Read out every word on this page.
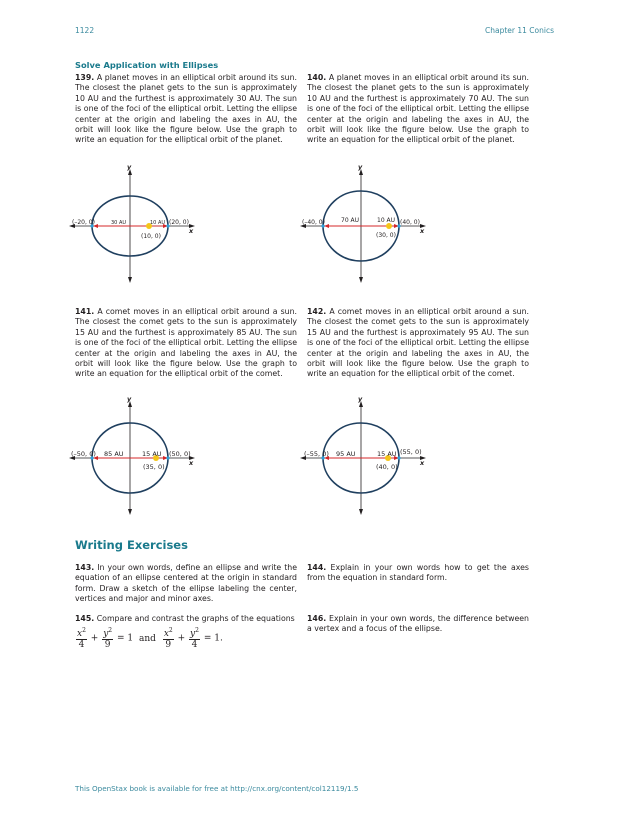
1122	Chapter 11 Conics
Solve Application with Ellipses

139. A planet moves in an elliptical orbit around its sun. The closest the planet gets to the sun is approximately 10 AU and the furthest is approximately 30 AU. The sun is one of the foci of the elliptical orbit. Letting the ellipse center at the origin and labeling the axes in AU, the orbit will look like the figure below. Use the graph to write an equation for the elliptical orbit of the planet.

140. A planet moves in an elliptical orbit around its sun. The closest the planet gets to the sun is approximately 10 AU and the furthest is approximately 70 AU. The sun is one of the foci of the elliptical orbit. Letting the ellipse center at the origin and labeling the axes in AU, the orbit will look like the figure below. Use the graph to write an equation for the elliptical orbit of the planet.

141. A comet moves in an elliptical orbit around a sun. The closest the comet gets to the sun is approximately 15 AU and the furthest is approximately 85 AU. The sun is one of the foci of the elliptical orbit. Letting the ellipse center at the origin and labeling the axes in AU, the orbit will look like the figure below. Use the graph to write an equation for the elliptical orbit of the comet.

142. A comet moves in an elliptical orbit around a sun. The closest the comet gets to the sun is approximately 15 AU and the furthest is approximately 95 AU. The sun is one of the foci of the elliptical orbit. Letting the ellipse center at the origin and labeling the axes in AU, the orbit will look like the figure below. Use the graph to write an equation for the elliptical orbit of the comet.

(–20, 0)	(20, 0)
30 AU	10 AU
(10, 0)
x
y
(–40, 0)	(40, 0)
70 AU	10 AU
(30, 0)
x
y
(–50, 0)	(50, 0)
85 AU	15 AU
(35, 0)	x
y
(–55, 0)	(55, 0)
95 AU	15 AU
(40, 0)	x
y
Writing Exercises

143. In your own words, define an ellipse and write the equation of an ellipse centered at the origin in standard form. Draw a sketch of the ellipse labeling the center, vertices and major and minor axes.

144. Explain in your own words how to get the axes from the equation in standard form.

145. Compare and contrast the graphs of the equations
$\frac{x^2}{4} + \frac{y^2}{9} = 1$ and $\frac{x^2}{9} + \frac{y^2}{4} = 1$.

146. Explain in your own words, the difference between a vertex and a focus of the ellipse.

This OpenStax book is available for free at http://cnx.org/content/col12119/1.5
